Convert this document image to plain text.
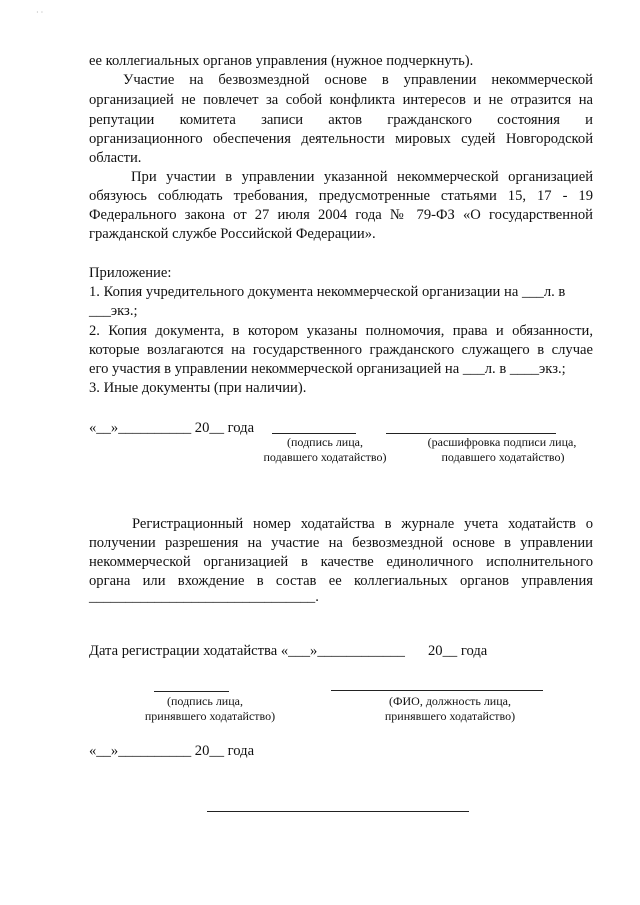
· ·
ее коллегиальных органов управления (нужное подчеркнуть).
Участие на безвозмездной основе в управлении некоммерческой
организацией не повлечет за собой конфликта интересов и не отразится на
репутации комитета записи актов гражданского состояния и
организационного обеспечения деятельности мировых судей Новгородской
области.
При участии в управлении указанной некоммерческой организацией
обязуюсь соблюдать требования, предусмотренные статьями 15, 17 - 19
Федерального закона от 27 июля 2004 года № 79-ФЗ «О государственной
гражданской службе Российской Федерации».
Приложение:
1. Копия учредительного документа некоммерческой организации на ___л. в
___экз.;
2. Копия документа, в котором указаны полномочия, права и обязанности,
которые возлагаются на государственного гражданского служащего в случае
его участия в управлении некоммерческой организацией на ___л. в ____экз.;
3. Иные документы (при наличии).
«__»__________ 20__ года
(подпись лица,
подавшего ходатайство)
(расшифровка подписи лица,
подавшего ходатайство)
Регистрационный номер ходатайства в журнале учета ходатайств о
получении разрешения на участие на безвозмездной основе в управлении
некоммерческой организацией в качестве единоличного исполнительного
органа или вхождение в состав ее коллегиальных органов управления
_______________________________.
Дата регистрации ходатайства «___»____________ 20__ года
(подпись лица,
принявшего ходатайство)
(ФИО, должность лица,
принявшего ходатайство)
«__»__________ 20__ года
